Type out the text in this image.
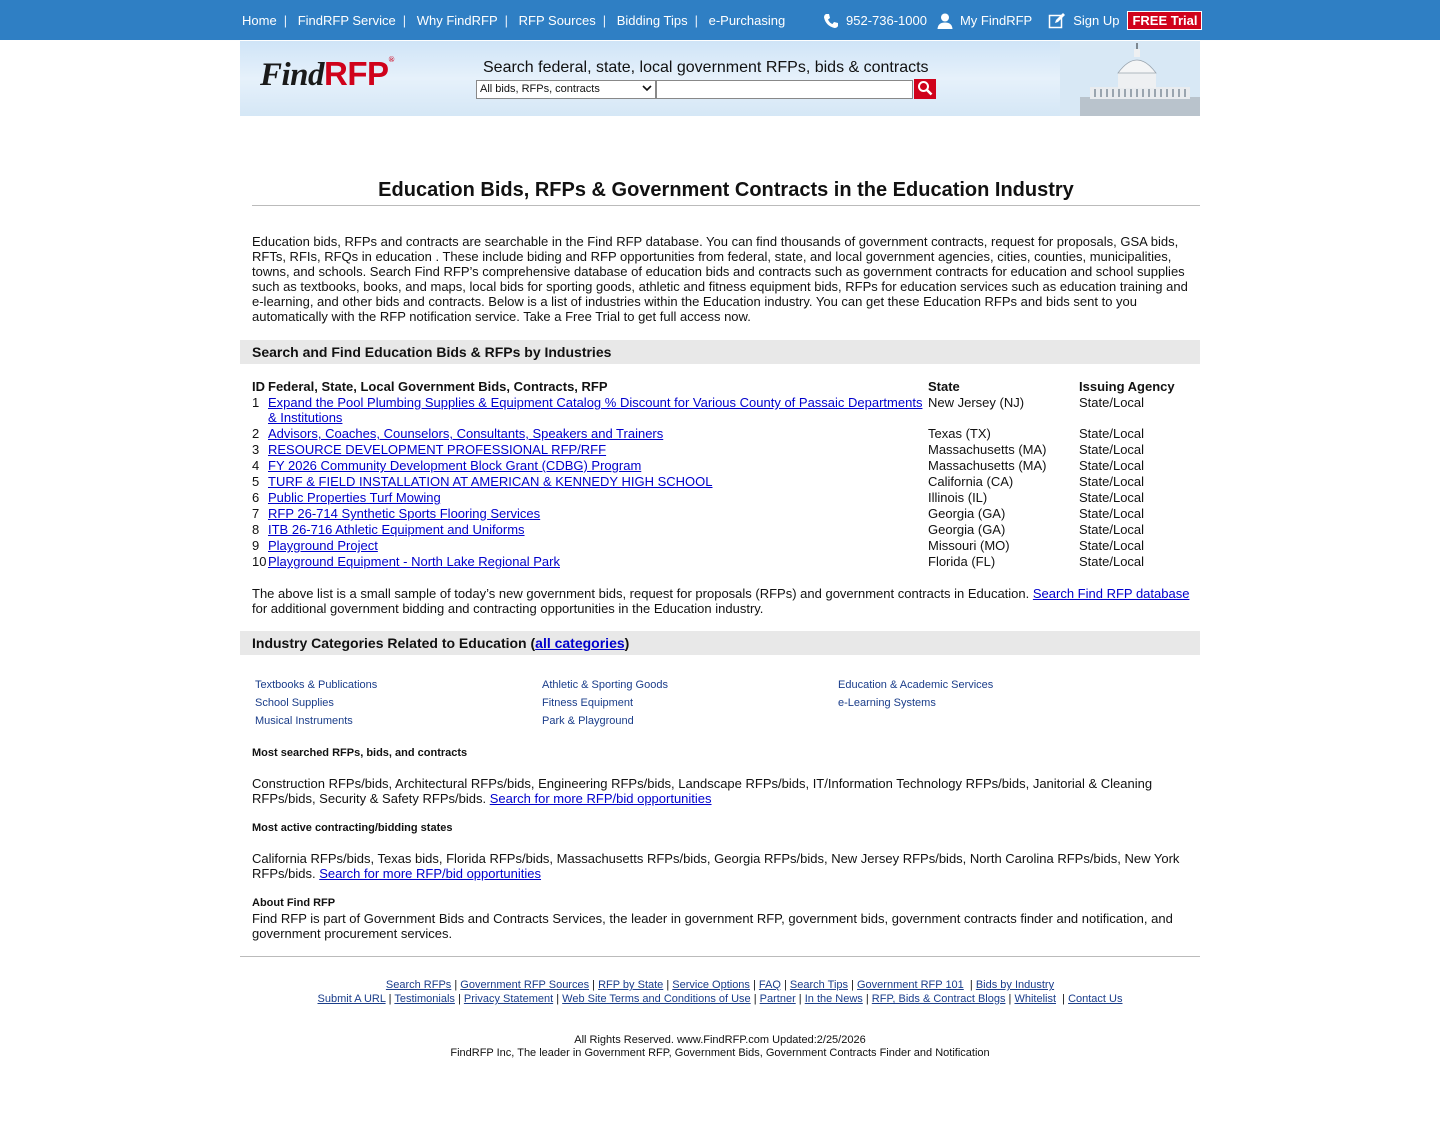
Home | FindRFP Service | Why FindRFP | RFP Sources | Bidding Tips | e-Purchasing	952-736-1000	My FindRFP	Sign Up	FREE Trial
FindRFP®	Search federal, state, local government RFPs, bids & contracts
All bids, RFPs, contracts
Education Bids, RFPs & Government Contracts in the Education Industry

Education bids, RFPs and contracts are searchable in the Find RFP database. You can find thousands of government contracts, request for proposals, GSA bids, RFTs, RFIs, RFQs in education . These include biding and RFP opportunities from federal, state, and local government agencies, cities, counties, municipalities, towns, and schools. Search Find RFP’s comprehensive database of education bids and contracts such as government contracts for education and school supplies such as textbooks, books, and maps, local bids for sporting goods, athletic and fitness equipment bids, RFPs for education services such as education training and e-learning, and other bids and contracts. Below is a list of industries within the Education industry. You can get these Education RFPs and bids sent to you automatically with the RFP notification service. Take a Free Trial to get full access now.

Search and Find Education Bids & RFPs by Industries
ID	Federal, State, Local Government Bids, Contracts, RFP	State	Issuing Agency
1	Expand the Pool Plumbing Supplies & Equipment Catalog % Discount for Various County of Passaic Departments & Institutions	New Jersey (NJ)	State/Local
2	Advisors, Coaches, Counselors, Consultants, Speakers and Trainers	Texas (TX)	State/Local
3	RESOURCE DEVELOPMENT PROFESSIONAL RFP/RFF	Massachusetts (MA)	State/Local
4	FY 2026 Community Development Block Grant (CDBG) Program	Massachusetts (MA)	State/Local
5	TURF & FIELD INSTALLATION AT AMERICAN & KENNEDY HIGH SCHOOL	California (CA)	State/Local
6	Public Properties Turf Mowing	Illinois (IL)	State/Local
7	RFP 26-714 Synthetic Sports Flooring Services	Georgia (GA)	State/Local
8	ITB 26-716 Athletic Equipment and Uniforms	Georgia (GA)	State/Local
9	Playground Project	Missouri (MO)	State/Local
10	Playground Equipment - North Lake Regional Park	Florida (FL)	State/Local

The above list is a small sample of today’s new government bids, request for proposals (RFPs) and government contracts in Education. Search Find RFP database for additional government bidding and contracting opportunities in the Education industry.

Industry Categories Related to Education (all categories)
Textbooks & Publications
School Supplies
Musical Instruments
Athletic & Sporting Goods
Fitness Equipment
Park & Playground
Education & Academic Services
e-Learning Systems
Most searched RFPs, bids, and contracts

Construction RFPs/bids, Architectural RFPs/bids, Engineering RFPs/bids, Landscape RFPs/bids, IT/Information Technology RFPs/bids, Janitorial & Cleaning RFPs/bids, Security & Safety RFPs/bids. Search for more RFP/bid opportunities

Most active contracting/bidding states

California RFPs/bids, Texas bids, Florida RFPs/bids, Massachusetts RFPs/bids, Georgia RFPs/bids, New Jersey RFPs/bids, North Carolina RFPs/bids, New York RFPs/bids. Search for more RFP/bid opportunities

About Find RFP

Find RFP is part of Government Bids and Contracts Services, the leader in government RFP, government bids, government contracts finder and notification, and government procurement services.

Search RFPs | Government RFP Sources | RFP by State | Service Options | FAQ | Search Tips | Government RFP 101  | Bids by Industry
Submit A URL | Testimonials | Privacy Statement | Web Site Terms and Conditions of Use | Partner | In the News | RFP, Bids & Contract Blogs | Whitelist  | Contact Us
All Rights Reserved. www.FindRFP.com Updated:2/25/2026
FindRFP Inc, The leader in Government RFP, Government Bids, Government Contracts Finder and Notification
